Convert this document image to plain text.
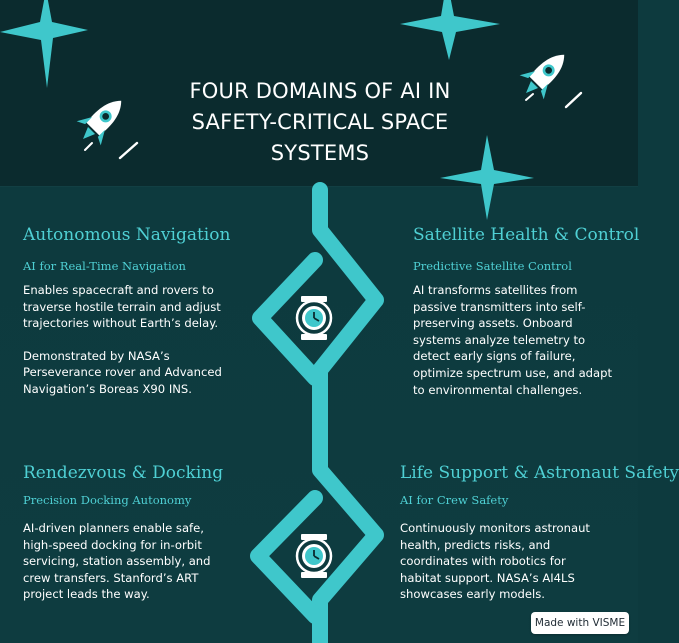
FOUR DOMAINS OF AI IN
SAFETY-CRITICAL SPACE
SYSTEMS
Autonomous Navigation
AI for Real-Time Navigation

Enables spacecraft and rovers to traverse hostile terrain and adjust trajectories without Earth’s delay.

Demonstrated by NASA’s Perseverance rover and Advanced Navigation’s Boreas X90 INS.

Satellite Health & Control
Predictive Satellite Control

AI transforms satellites from passive transmitters into self-preserving assets. Onboard systems analyze telemetry to detect early signs of failure, optimize spectrum use, and adapt to environmental challenges.

Rendezvous & Docking
Precision Docking Autonomy

AI-driven planners enable safe, high-speed docking for in-orbit servicing, station assembly, and crew transfers. Stanford’s ART project leads the way.

Life Support & Astronaut Safety
AI for Crew Safety

Continuously monitors astronaut health, predicts risks, and coordinates with robotics for habitat support. NASA’s AI4LS showcases early models.

Made with VISME
